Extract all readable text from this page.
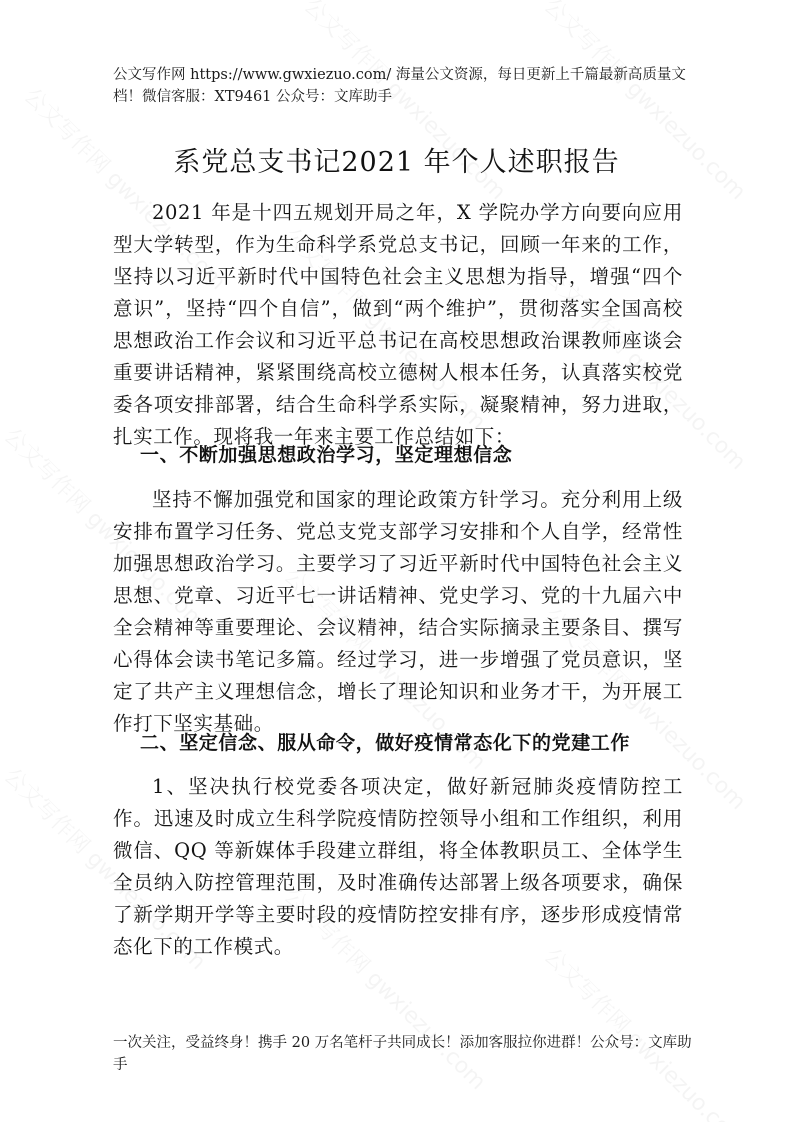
公文写作网 https://www.gwxiezuo.com/ 海量公文资源，每日更新上千篇最新高质量文档！微信客服：XT9461 公众号：文库助手
系党总支书记2021 年个人述职报告

2021 年是十四五规划开局之年，X 学院办学方向要向应用型大学转型，作为生命科学系党总支书记，回顾一年来的工作，坚持以习近平新时代中国特色社会主义思想为指导，增强“四个意识”，坚持“四个自信”，做到“两个维护”，贯彻落实全国高校思想政治工作会议和习近平总书记在高校思想政治课教师座谈会重要讲话精神，紧紧围绕高校立德树人根本任务，认真落实校党委各项安排部署，结合生命科学系实际，凝聚精神，努力进取，扎实工作。现将我一年来主要工作总结如下：

一、不断加强思想政治学习，坚定理想信念

坚持不懈加强党和国家的理论政策方针学习。充分利用上级安排布置学习任务、党总支党支部学习安排和个人自学，经常性加强思想政治学习。主要学习了习近平新时代中国特色社会主义思想、党章、习近平七一讲话精神、党史学习、党的十九届六中全会精神等重要理论、会议精神，结合实际摘录主要条目、撰写心得体会读书笔记多篇。经过学习，进一步增强了党员意识，坚定了共产主义理想信念，增长了理论知识和业务才干，为开展工作打下坚实基础。

二、坚定信念、服从命令，做好疫情常态化下的党建工作

1、坚决执行校党委各项决定，做好新冠肺炎疫情防控工作。迅速及时成立生科学院疫情防控领导小组和工作组织，利用微信、QQ 等新媒体手段建立群组，将全体教职员工、全体学生全员纳入防控管理范围，及时准确传达部署上级各项要求，确保了新学期开学等主要时段的疫情防控安排有序，逐步形成疫情常态化下的工作模式。

一次关注，受益终身！携手 20 万名笔杆子共同成长！添加客服拉你进群！公众号：文库助手
